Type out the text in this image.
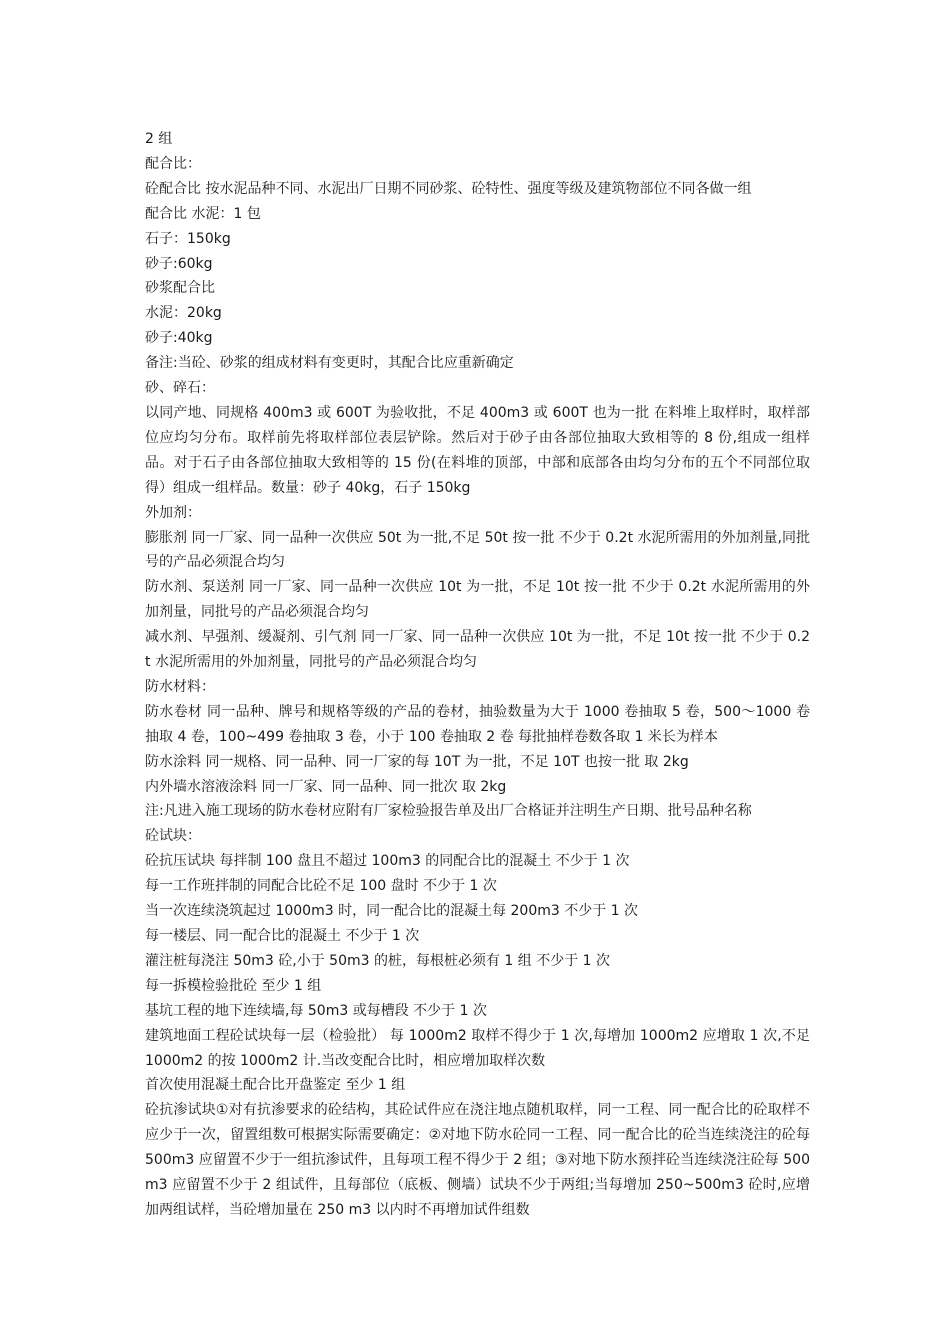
2 组

配合比：

砼配合比 按水泥品种不同、水泥出厂日期不同砂浆、砼特性、强度等级及建筑物部位不同各做一组

配合比 水泥：1 包

石子：150kg

砂子:60kg

砂浆配合比

水泥：20kg

砂子:40kg

备注:当砼、砂浆的组成材料有变更时，其配合比应重新确定

砂、碎石：

以同产地、同规格 400m3 或 600T 为验收批，不足 400m3 或 600T 也为一批 在料堆上取样时，取样部位应均匀分布。取样前先将取样部位表层铲除。然后对于砂子由各部位抽取大致相等的 8 份,组成一组样品。对于石子由各部位抽取大致相等的 15 份(在料堆的顶部，中部和底部各由均匀分布的五个不同部位取得）组成一组样品。数量：砂子 40kg，石子 150kg

外加剂：

膨胀剂 同一厂家、同一品种一次供应 50t 为一批,不足 50t 按一批 不少于 0.2t 水泥所需用的外加剂量,同批号的产品必须混合均匀

防水剂、泵送剂 同一厂家、同一品种一次供应 10t 为一批，不足 10t 按一批 不少于 0.2t 水泥所需用的外加剂量，同批号的产品必须混合均匀

减水剂、早强剂、缓凝剂、引气剂 同一厂家、同一品种一次供应 10t 为一批，不足 10t 按一批 不少于 0.2t 水泥所需用的外加剂量，同批号的产品必须混合均匀

防水材料：

防水卷材 同一品种、牌号和规格等级的产品的卷材，抽验数量为大于 1000 卷抽取 5 卷，500～1000 卷抽取 4 卷，100~499 卷抽取 3 卷，小于 100 卷抽取 2 卷 每批抽样卷数各取 1 米长为样本

防水涂料 同一规格、同一品种、同一厂家的每 10T 为一批，不足 10T 也按一批 取 2kg

内外墙水溶液涂料 同一厂家、同一品种、同一批次 取 2kg

注:凡进入施工现场的防水卷材应附有厂家检验报告单及出厂合格证并注明生产日期、批号品种名称

砼试块：

砼抗压试块 每拌制 100 盘且不超过 100m3 的同配合比的混凝土 不少于 1 次

每一工作班拌制的同配合比砼不足 100 盘时 不少于 1 次

当一次连续浇筑起过 1000m3 时，同一配合比的混凝土每 200m3 不少于 1 次

每一楼层、同一配合比的混凝土 不少于 1 次

灌注桩每浇注 50m3 砼,小于 50m3 的桩，每根桩必须有 1 组 不少于 1 次

每一拆模检验批砼 至少 1 组

基坑工程的地下连续墙,每 50m3 或每槽段 不少于 1 次

建筑地面工程砼试块每一层（检验批） 每 1000m2 取样不得少于 1 次,每增加 1000m2 应增取 1 次,不足 1000m2 的按 1000m2 计.当改变配合比时，相应增加取样次数

首次使用混凝土配合比开盘鉴定 至少 1 组

砼抗渗试块①对有抗渗要求的砼结构，其砼试件应在浇注地点随机取样，同一工程、同一配合比的砼取样不应少于一次，留置组数可根据实际需要确定：②对地下防水砼同一工程、同一配合比的砼当连续浇注的砼每 500m3 应留置不少于一组抗渗试件，且每项工程不得少于 2 组；③对地下防水预拌砼当连续浇注砼每 500m3 应留置不少于 2 组试件，且每部位（底板、侧墙）试块不少于两组;当每增加 250~500m3 砼时,应增加两组试样，当砼增加量在 250 m3 以内时不再增加试件组数
